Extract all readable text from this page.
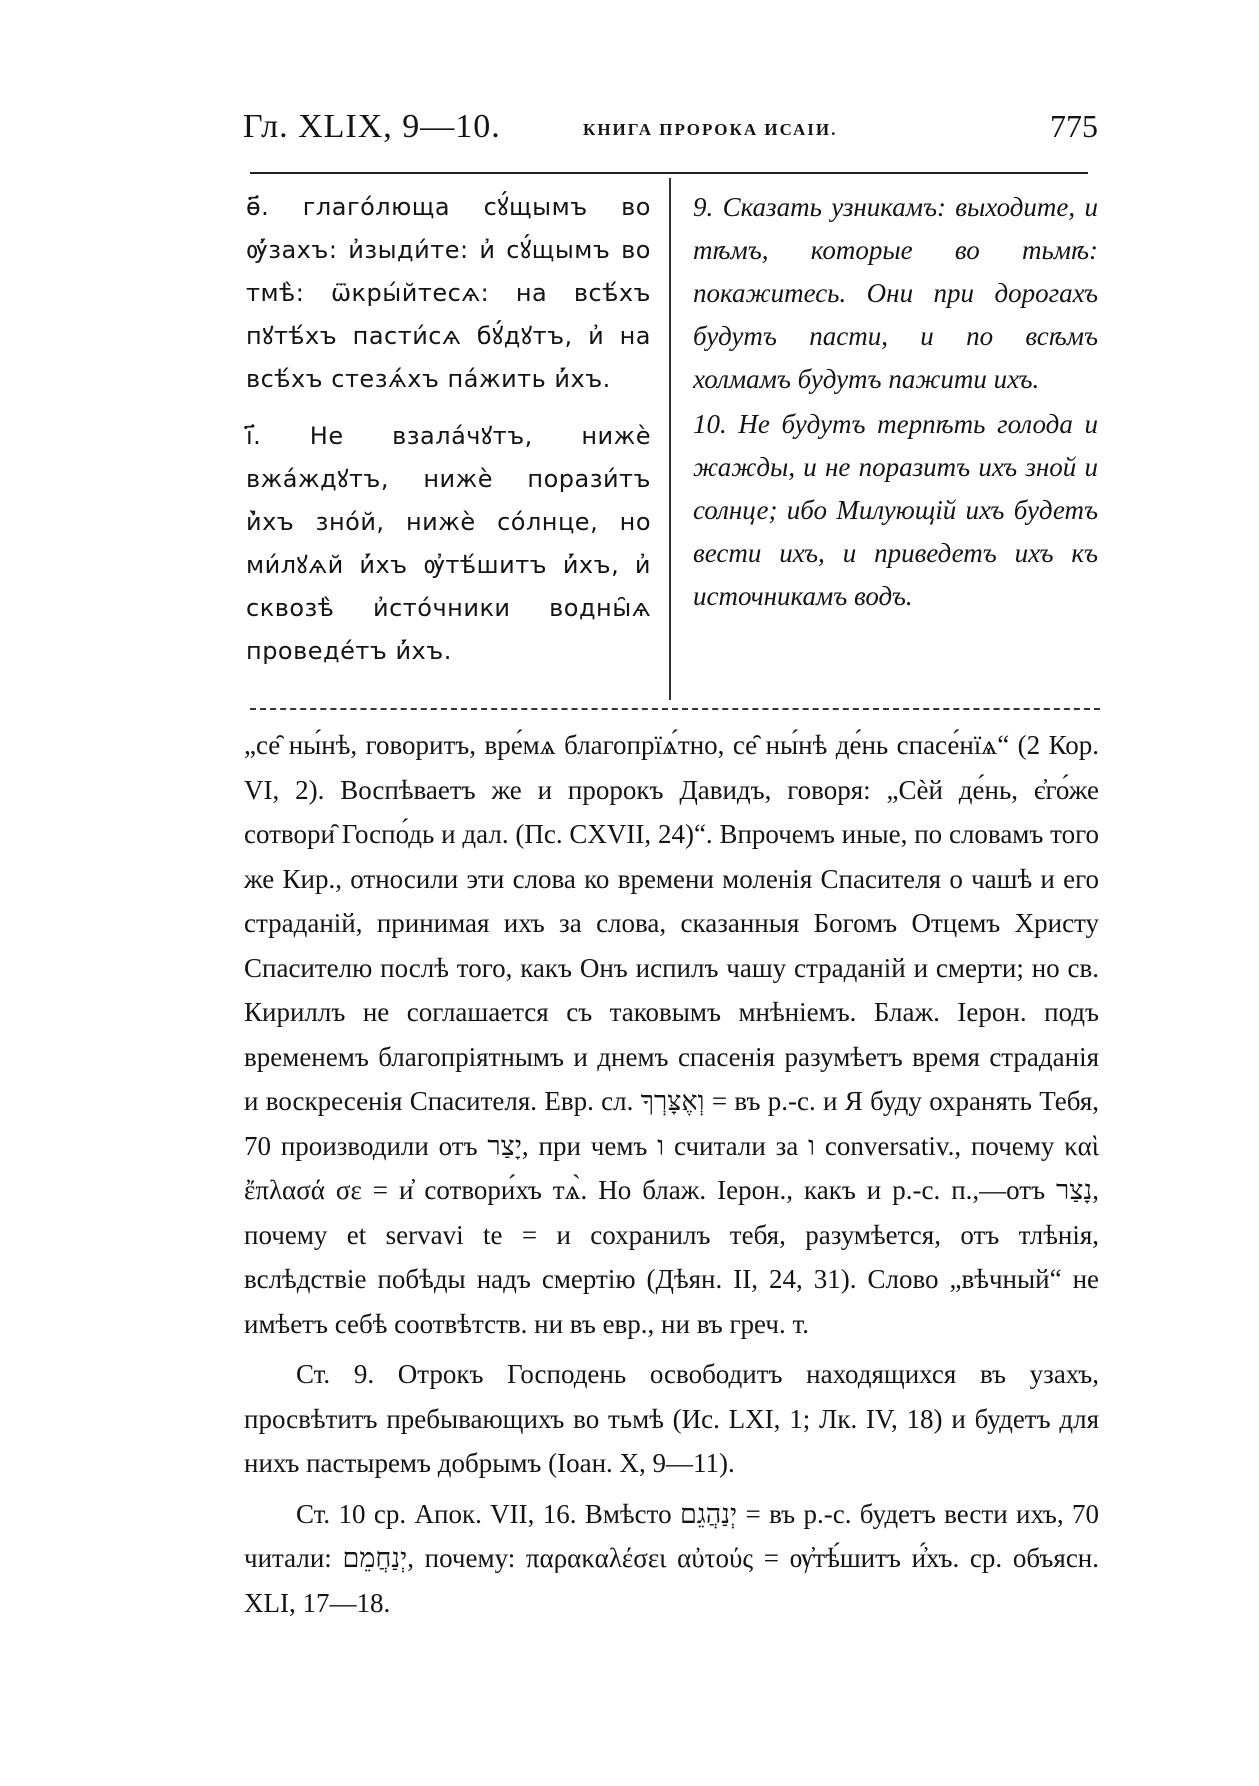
Гл. XLIX, 9—10.	КНИГА ПРОРОКА ИСАІИ.	775

ѳ҃. глаго́лющa сꙋ́щымъ во ѹ҆́захъ: и҆зыди́те: и҆ сꙋ́щымъ во тмѣ̀: ѿкры́йтесѧ: на всѣ́хъ пꙋтѣ́хъ пасти́сѧ бꙋ́дꙋтъ, и҆ на всѣ́хъ стезѧ́хъ па́жить и҆́хъ.

і҃. Не взала́чꙋтъ, нижѐ вжа́ждꙋтъ, нижѐ порази́тъ и҆̀хъ зно́й, нижѐ со́лнце, но ми́лꙋѧй и҆́хъ ѹ҆тѣ́шитъ и҆́хъ, и҆ сквозѣ̀ и҆сто́чники водны̑ѧ проведе́тъ и҆́хъ.

9. Сказать узникамъ: выходите, и тѣмъ, которые во тьмѣ: покажитесь. Они при дорогахъ будутъ пасти, и по всѣмъ холмамъ будутъ пажити ихъ.

10. Не будутъ терпѣть голода и жажды, и не поразитъ ихъ зной и солнце; ибо Милующій ихъ будетъ вести ихъ, и приведетъ ихъ къ источникамъ водъ.

„се̑ ны́нѣ, говоритъ, вре́мѧ благопрїѧ́тно, се̑ ны́нѣ де́нь спасе́нїѧ“ (2 Кор. VI, 2). Воспѣваетъ же и пророкъ Давидъ, говоря: „Сѐй де́нь, є҆го́же сотвори̑ Госпо́дь и дал. (Пс. CXVII, 24)“. Впрочемъ иные, по словамъ того же Кир., относили эти слова ко времени моленія Спасителя о чашѣ и его страданій, принимая ихъ за слова, сказанныя Богомъ Отцемъ Христу Спасителю послѣ того, какъ Онъ испилъ чашу страданій и смерти; но св. Кириллъ не соглашается съ таковымъ мнѣніемъ. Блаж. Іерон. подъ временемъ благопріятнымъ и днемъ спасенія разумѣетъ время страданія и воскресенія Спасителя. Евр. сл. וְאֶצָּרְךָ = въ р.-с. и Я буду охранять Тебя, 70 производили отъ יָצַר, при чемъ ו считали за ו conversativ., почему καὶ ἔπλασά σε = и҆ сотвори́хъ тѧ̀. Но блаж. Іерон., какъ и р.-с. п.,—отъ נָצַר, почему et servavi te = и сохранилъ тебя, разумѣется, отъ тлѣнія, вслѣдствіе побѣды надъ смертію (Дѣян. II, 24, 31). Слово „вѣчный“ не имѣетъ себѣ соотвѣтств. ни въ евр., ни въ греч. т.

Ст. 9. Отрокъ Господень освободитъ находящихся въ узахъ, просвѣтитъ пребывающихъ во тьмѣ (Ис. LXI, 1; Лк. IV, 18) и будетъ для нихъ пастыремъ добрымъ (Іоан. X, 9—11).

Ст. 10 ср. Апок. VII, 16. Вмѣсто יְנַהֲגֵם = въ р.-с. будетъ вести ихъ, 70 читали: יְנַחֲמֵם, почему: παρακαλέσει αὐτούς = ѹ҆тѣ́шитъ и҆́хъ. ср. объясн. XLI, 17—18.
